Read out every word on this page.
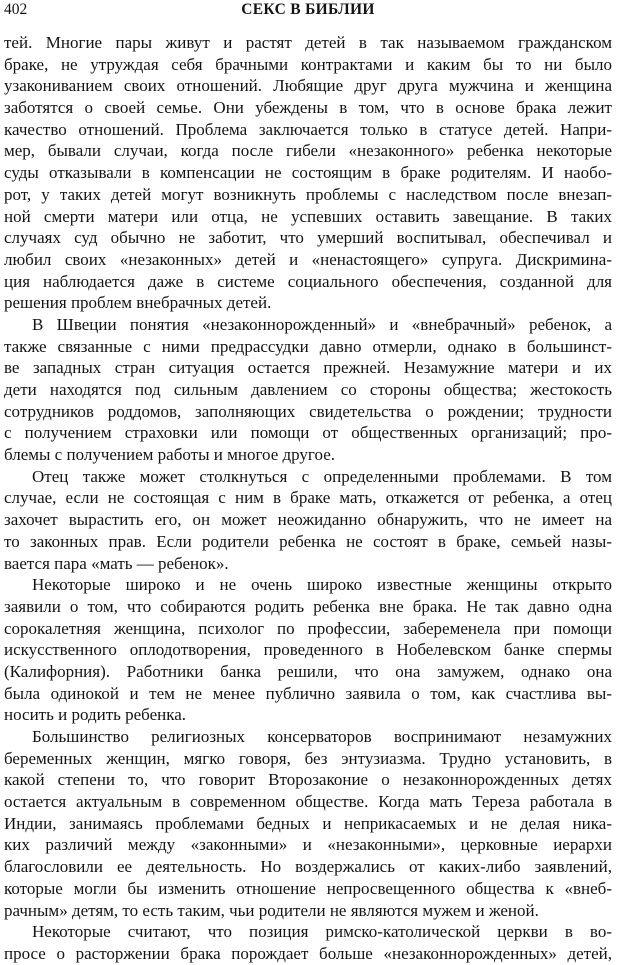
402	СЕКС В БИБЛИИ
тей. Многие пары живут и растят детей в так называемом гражданском
браке, не утруждая себя брачными контрактами и каким бы то ни было
узакониванием своих отношений. Любящие друг друга мужчина и женщина
заботятся о своей семье. Они убеждены в том, что в основе брака лежит
качество отношений. Проблема заключается только в статусе детей. Напри-
мер, бывали случаи, когда после гибели «незаконного» ребенка некоторые
суды отказывали в компенсации не состоящим в браке родителям. И наобо-
рот, у таких детей могут возникнуть проблемы с наследством после внезап-
ной смерти матери или отца, не успевших оставить завещание. В таких
случаях суд обычно не заботит, что умерший воспитывал, обеспечивал и
любил своих «незаконных» детей и «ненастоящего» супруга. Дискримина-
ция наблюдается даже в системе социального обеспечения, созданной для
решения проблем внебрачных детей.
В Швеции понятия «незаконнорожденный» и «внебрачный» ребенок, а
также связанные с ними предрассудки давно отмерли, однако в большинст-
ве западных стран ситуация остается прежней. Незамужние матери и их
дети находятся под сильным давлением со стороны общества; жестокость
сотрудников роддомов, заполняющих свидетельства о рождении; трудности
с получением страховки или помощи от общественных организаций; про-
блемы с получением работы и многое другое.
Отец также может столкнуться с определенными проблемами. В том
случае, если не состоящая с ним в браке мать, откажется от ребенка, а отец
захочет вырастить его, он может неожиданно обнаружить, что не имеет на
то законных прав. Если родители ребенка не состоят в браке, семьей назы-
вается пара «мать — ребенок».
Некоторые широко и не очень широко известные женщины открыто
заявили о том, что собираются родить ребенка вне брака. Не так давно одна
сорокалетняя женщина, психолог по профессии, забеременела при помощи
искусственного оплодотворения, проведенного в Нобелевском банке спермы
(Калифорния). Работники банка решили, что она замужем, однако она
была одинокой и тем не менее публично заявила о том, как счастлива вы-
носить и родить ребенка.
Большинство религиозных консерваторов воспринимают незамужних
беременных женщин, мягко говоря, без энтузиазма. Трудно установить, в
какой степени то, что говорит Второзаконие о незаконнорожденных детях
остается актуальным в современном обществе. Когда мать Тереза работала в
Индии, занимаясь проблемами бедных и неприкасаемых и не делая ника-
ких различий между «законными» и «незаконными», церковные иерархи
благословили ее деятельность. Но воздержались от каких-либо заявлений,
которые могли бы изменить отношение непросвещенного общества к «внеб-
рачным» детям, то есть таким, чьи родители не являются мужем и женой.
Некоторые считают, что позиция римско-католической церкви в во-
просе о расторжении брака порождает больше «незаконнорожденных» детей,
